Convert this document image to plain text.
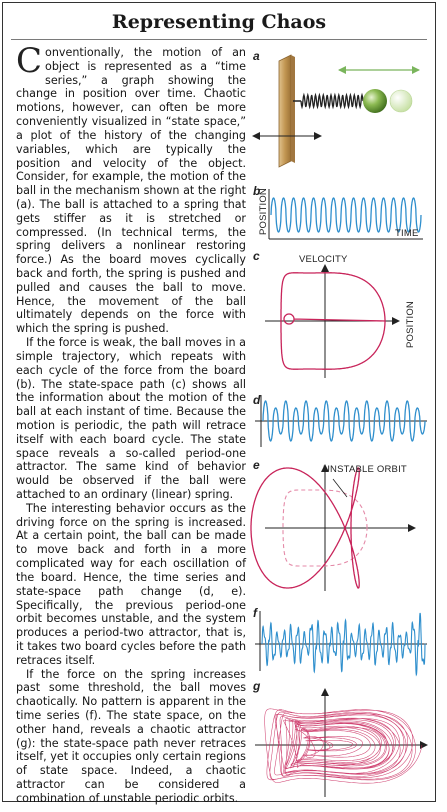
Representing Chaos

Conventionally, the motion of an object is represented as a “time series,” a graph showing the change in position over time. Chaotic motions, however, can often be more conveniently visualized in “state space,” a plot of the history of the changing variables, which are typically the position and velocity of the object. Consider, for example, the motion of the ball in the mechanism shown at the right (a). The ball is attached to a spring that gets stiffer as it is stretched or compressed. (In technical terms, the spring delivers a nonlinear restoring force.) As the board moves cyclically back and forth, the spring is pushed and pulled and causes the ball to move. Hence, the movement of the ball ultimately depends on the force with which the spring is pushed.

If the force is weak, the ball moves in a simple trajectory, which repeats with each cycle of the force from the board (b). The state-space path (c) shows all the information about the motion of the ball at each instant of time. Because the motion is periodic, the path will retrace itself with each board cycle. The state space reveals a so-called period-one attractor. The same kind of behavior would be observed if the ball were attached to an ordinary (linear) spring.

The interesting behavior occurs as the driving force on the spring is increased. At a certain point, the ball can be made to move back and forth in a more complicated way for each oscillation of the board. Hence, the time series and state-space path change (d, e). Specifically, the previous period-one orbit becomes unstable, and the system produces a period-two attractor, that is, it takes two board cycles before the path retraces itself.

If the force on the spring increases past some threshold, the ball moves chaotically. No pattern is apparent in the time series (f). The state space, on the other hand, reveals a chaotic attractor (g): the state-space path never retraces itself, yet it occupies only certain regions of state space. Indeed, a chaotic attractor can be considered a combination of unstable periodic orbits.

a
b
c
d
e
f
g
POSITION	TIME
VELOCITY
POSITION
UNSTABLE ORBIT
